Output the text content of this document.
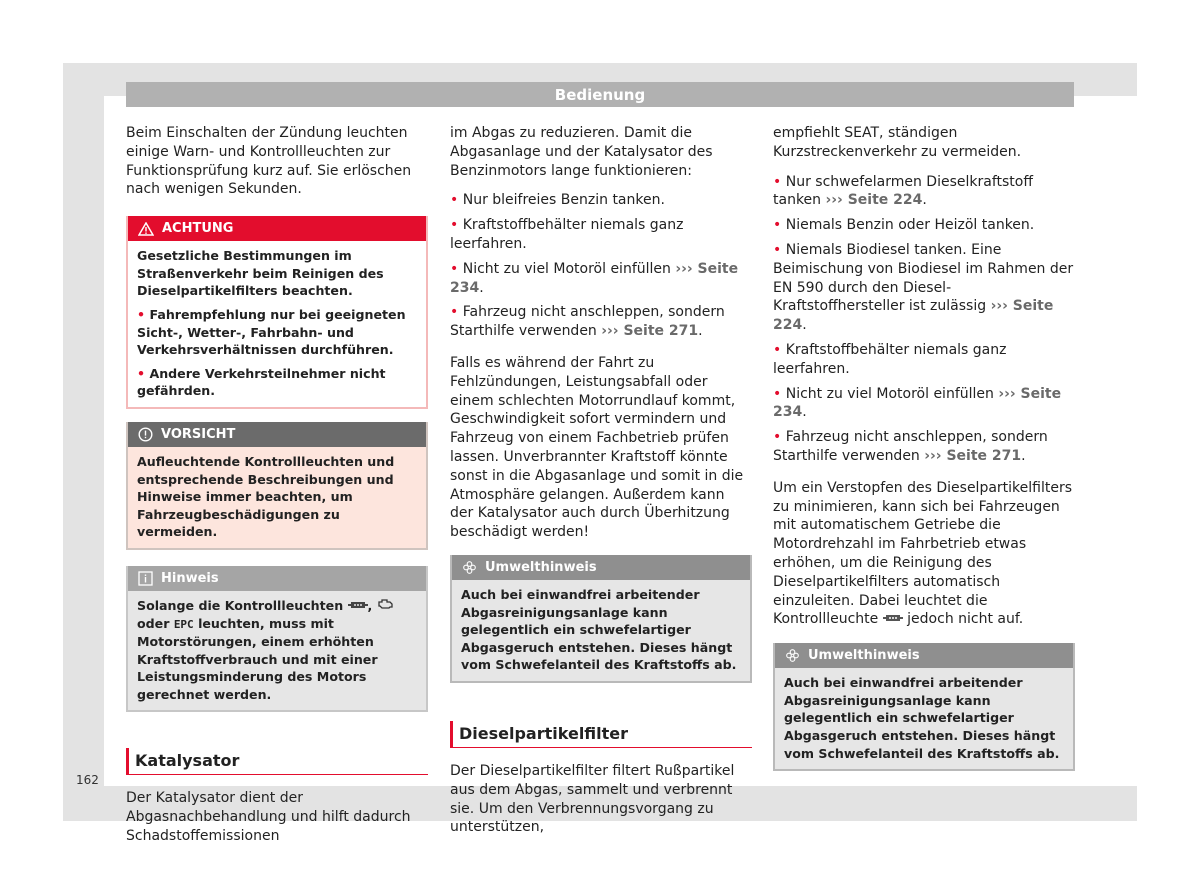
Bedienung

Beim Einschalten der Zündung leuchten einige Warn- und Kontrollleuchten zur Funktionsprüfung kurz auf. Sie erlöschen nach wenigen Sekunden.

ACHTUNG

Gesetzliche Bestimmungen im Straßenverkehr beim Reinigen des Dieselpartikelfilters beachten.

• Fahrempfehlung nur bei geeigneten Sicht-, Wetter-, Fahrbahn- und Verkehrsverhältnissen durchführen.

• Andere Verkehrsteilnehmer nicht gefährden.

VORSICHT

Aufleuchtende Kontrollleuchten und entsprechende Beschreibungen und Hinweise immer beachten, um Fahrzeugbeschädigungen zu vermeiden.

Hinweis

Solange die Kontrollleuchten ,
oder EPC leuchten, muss mit Motorstörungen, einem erhöhten Kraftstoffverbrauch und mit einer Leistungsminderung des Motors gerechnet werden.

Katalysator

Der Katalysator dient der Abgasnachbehandlung und hilft dadurch Schadstoffemissionen

im Abgas zu reduzieren. Damit die Abgasanlage und der Katalysator des Benzinmotors lange funktionieren:

• Nur bleifreies Benzin tanken.

• Kraftstoffbehälter niemals ganz leerfahren.

• Nicht zu viel Motoröl einfüllen ››› Seite 234.

• Fahrzeug nicht anschleppen, sondern Starthilfe verwenden ››› Seite 271.

Falls es während der Fahrt zu Fehlzündungen, Leistungsabfall oder einem schlechten Motorrundlauf kommt, Geschwindigkeit sofort vermindern und Fahrzeug von einem Fachbetrieb prüfen lassen. Unverbrannter Kraftstoff könnte sonst in die Abgasanlage und somit in die Atmosphäre gelangen. Außerdem kann der Katalysator auch durch Überhitzung beschädigt werden!

Umwelthinweis

Auch bei einwandfrei arbeitender Abgasreinigungsanlage kann gelegentlich ein schwefelartiger Abgasgeruch entstehen. Dieses hängt vom Schwefelanteil des Kraftstoffs ab.

Dieselpartikelfilter

Der Dieselpartikelfilter filtert Rußpartikel aus dem Abgas, sammelt und verbrennt sie. Um den Verbrennungsvorgang zu unterstützen,

empfiehlt SEAT, ständigen Kurzstreckenverkehr zu vermeiden.

• Nur schwefelarmen Dieselkraftstoff tanken ››› Seite 224.

• Niemals Benzin oder Heizöl tanken.

• Niemals Biodiesel tanken. Eine Beimischung von Biodiesel im Rahmen der EN 590 durch den Diesel-Kraftstoffhersteller ist zulässig ››› Seite 224.

• Kraftstoffbehälter niemals ganz leerfahren.

• Nicht zu viel Motoröl einfüllen ››› Seite 234.

• Fahrzeug nicht anschleppen, sondern Starthilfe verwenden ››› Seite 271.

Um ein Verstopfen des Dieselpartikelfilters zu minimieren, kann sich bei Fahrzeugen mit automatischem Getriebe die Motordrehzahl im Fahrbetrieb etwas erhöhen, um die Reinigung des Dieselpartikelfilters automatisch einzuleiten. Dabei leuchtet die Kontrollleuchte jedoch nicht auf.

Umwelthinweis

Auch bei einwandfrei arbeitender Abgasreinigungsanlage kann gelegentlich ein schwefelartiger Abgasgeruch entstehen. Dieses hängt vom Schwefelanteil des Kraftstoffs ab.

162
